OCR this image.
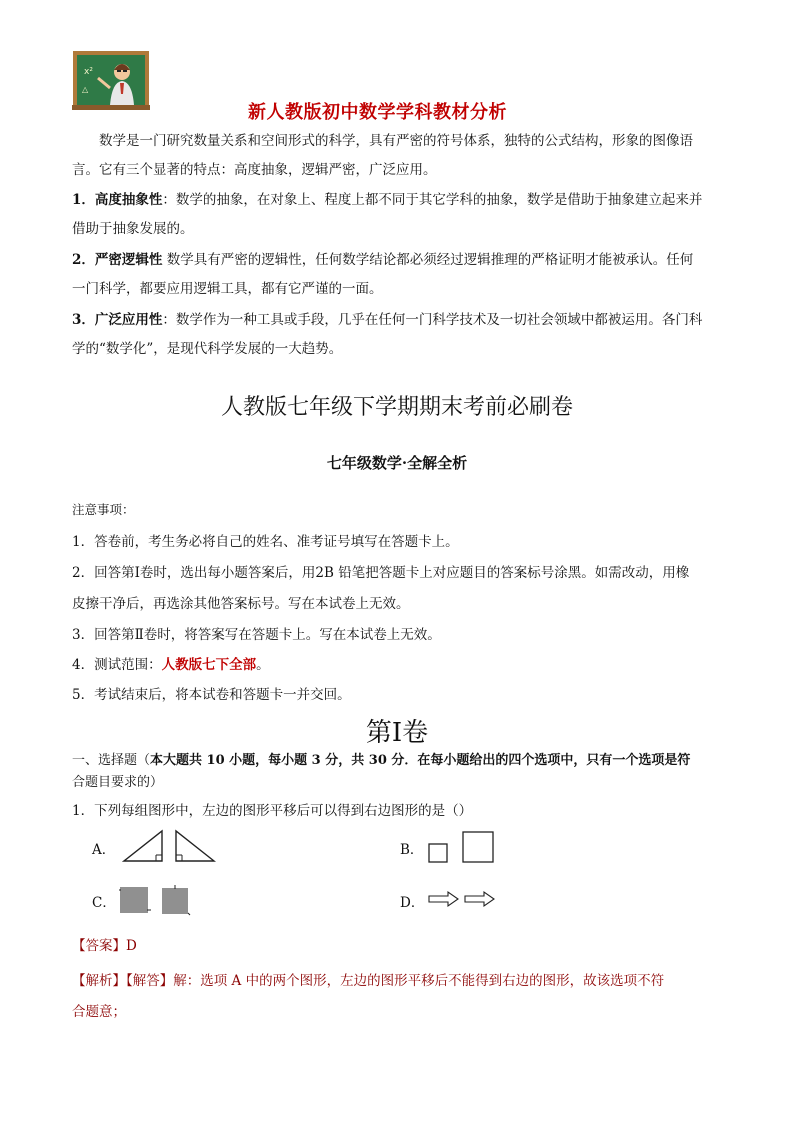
x²
△
新人教版初中数学学科教材分析
数学是一门研究数量关系和空间形式的科学，具有严密的符号体系，独特的公式结构，形象的图像语
言。它有三个显著的特点：高度抽象，逻辑严密，广泛应用。
1．高度抽象性：数学的抽象，在对象上、程度上都不同于其它学科的抽象，数学是借助于抽象建立起来并
借助于抽象发展的。
2．严密逻辑性 数学具有严密的逻辑性，任何数学结论都必须经过逻辑推理的严格证明才能被承认。任何
一门科学，都要应用逻辑工具，都有它严谨的一面。
3．广泛应用性：数学作为一种工具或手段，几乎在任何一门科学技术及一切社会领域中都被运用。各门科
学的“数学化”，是现代科学发展的一大趋势。
人教版七年级下学期期末考前必刷卷
七年级数学·全解全析
注意事项：
1．答卷前，考生务必将自己的姓名、准考证号填写在答题卡上。
2．回答第Ⅰ卷时，选出每小题答案后，用2B 铅笔把答题卡上对应题目的答案标号涂黑。如需改动，用橡
皮擦干净后，再选涂其他答案标号。写在本试卷上无效。
3．回答第Ⅱ卷时，将答案写在答题卡上。写在本试卷上无效。
4．测试范围：人教版七下全部。
5．考试结束后，将本试卷和答题卡一并交回。
第Ⅰ卷
一、选择题（本大题共 10 小题，每小题 3 分，共 30 分．在每小题给出的四个选项中，只有一个选项是符
合题目要求的）
1．下列每组图形中，左边的图形平移后可以得到右边图形的是（）
A．	B．
C．	D．
【答案】D
【解析】【解答】解：选项 A 中的两个图形，左边的图形平移后不能得到右边的图形，故该选项不符
合题意；
